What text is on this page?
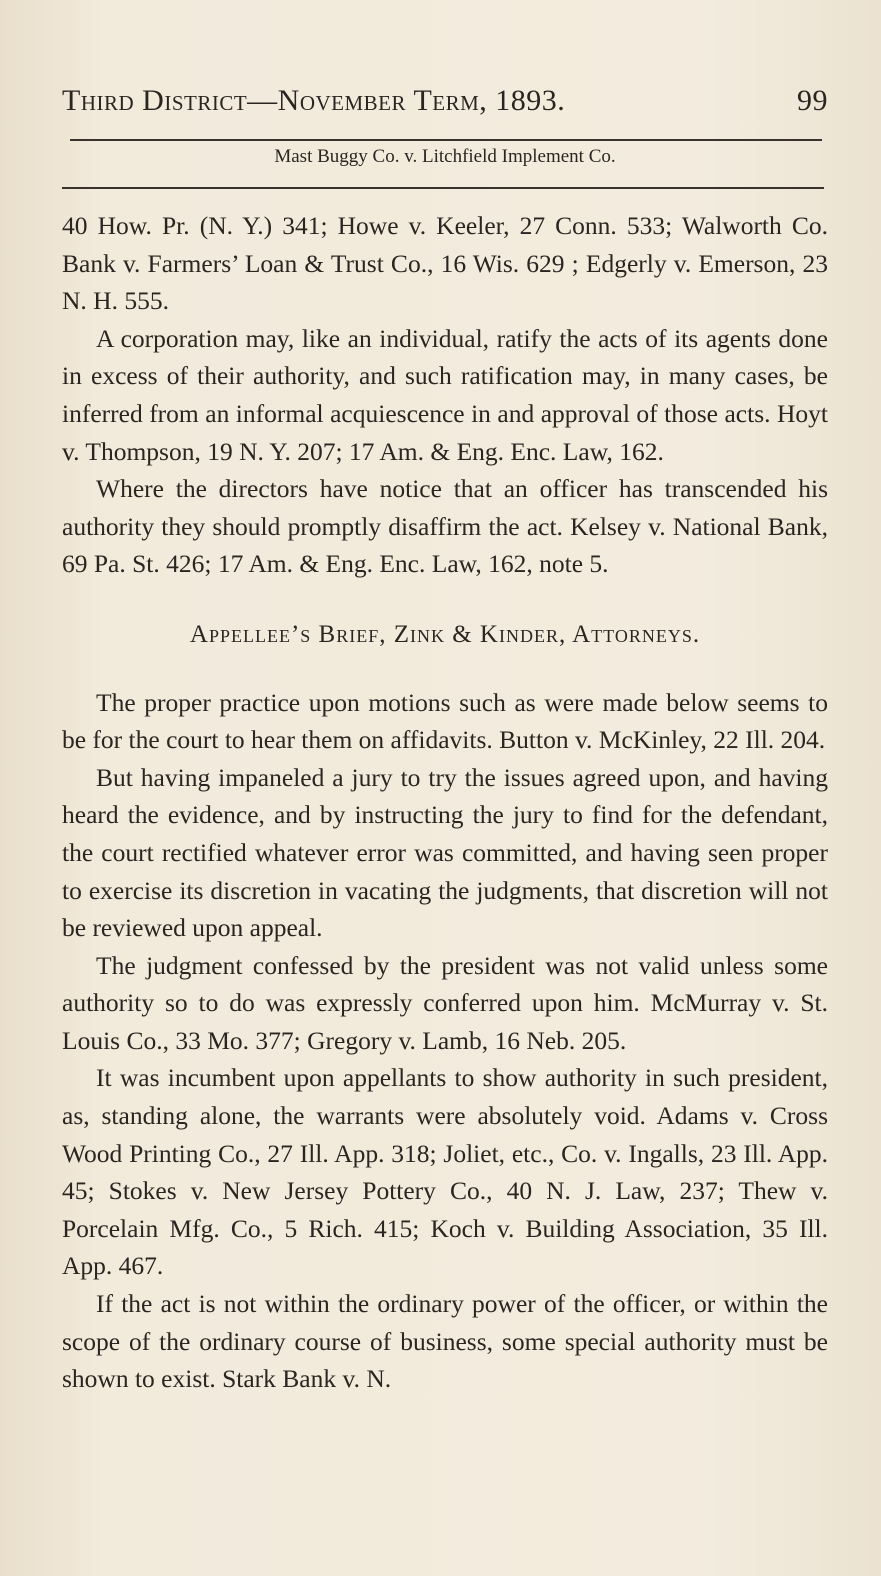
Third District—November Term, 1893.	99
Mast Buggy Co. v. Litchfield Implement Co.

40 How. Pr. (N. Y.) 341; Howe v. Keeler, 27 Conn. 533; Walworth Co. Bank v. Farmers’ Loan & Trust Co., 16 Wis. 629 ; Edgerly v. Emerson, 23 N. H. 555.

A corporation may, like an individual, ratify the acts of its agents done in excess of their authority, and such ratification may, in many cases, be inferred from an informal acquiescence in and approval of those acts. Hoyt v. Thompson, 19 N. Y. 207; 17 Am. & Eng. Enc. Law, 162.

Where the directors have notice that an officer has transcended his authority they should promptly disaffirm the act. Kelsey v. National Bank, 69 Pa. St. 426; 17 Am. & Eng. Enc. Law, 162, note 5.

Appellee’s Brief, Zink & Kinder, Attorneys.

The proper practice upon motions such as were made below seems to be for the court to hear them on affidavits. Button v. McKinley, 22 Ill. 204.

But having impaneled a jury to try the issues agreed upon, and having heard the evidence, and by instructing the jury to find for the defendant, the court rectified whatever error was committed, and having seen proper to exercise its discretion in vacating the judgments, that discretion will not be reviewed upon appeal.

The judgment confessed by the president was not valid unless some authority so to do was expressly conferred upon him. McMurray v. St. Louis Co., 33 Mo. 377; Gregory v. Lamb, 16 Neb. 205.

It was incumbent upon appellants to show authority in such president, as, standing alone, the warrants were absolutely void. Adams v. Cross Wood Printing Co., 27 Ill. App. 318; Joliet, etc., Co. v. Ingalls, 23 Ill. App. 45; Stokes v. New Jersey Pottery Co., 40 N. J. Law, 237; Thew v. Porcelain Mfg. Co., 5 Rich. 415; Koch v. Building Association, 35 Ill. App. 467.

If the act is not within the ordinary power of the officer, or within the scope of the ordinary course of business, some special authority must be shown to exist. Stark Bank v. N.
